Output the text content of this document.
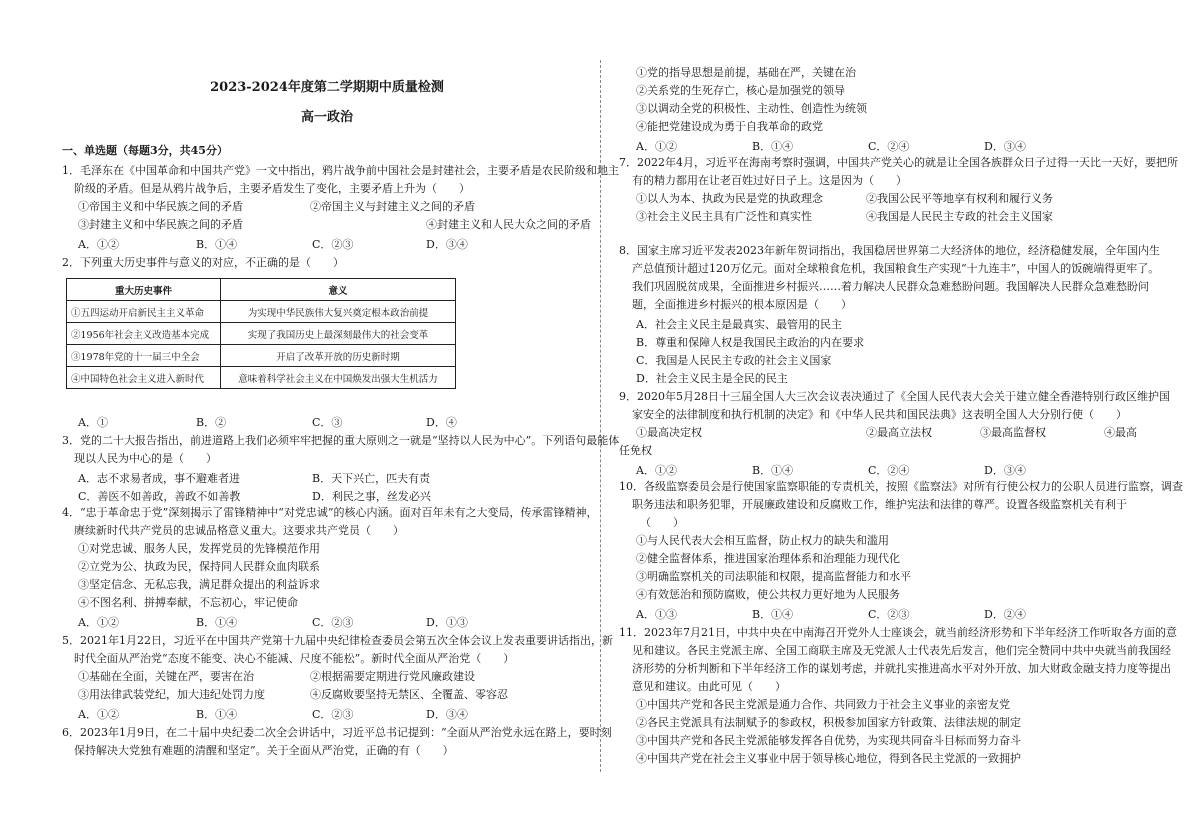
2023-2024年度第二学期期中质量检测
高一政治
一、单选题（每题3分，共45分）
1．毛泽东在《中国革命和中国共产党》一文中指出，鸦片战争前中国社会是封建社会，主要矛盾是农民阶级和地主
阶级的矛盾。但是从鸦片战争后，主要矛盾发生了变化，主要矛盾上升为（　　）
①帝国主义和中华民族之间的矛盾	②帝国主义与封建主义之间的矛盾
③封建主义和中华民族之间的矛盾	④封建主义和人民大众之间的矛盾
A．①②	B．①④	C．②③	D．③④
2．下列重大历史事件与意义的对应，不正确的是（　　）
重大历史事件	意义
①五四运动开启新民主主义革命	为实现中华民族伟大复兴奠定根本政治前提
②1956年社会主义改造基本完成	实现了我国历史上最深刻最伟大的社会变革
③1978年党的十一届三中全会	开启了改革开放的历史新时期
④中国特色社会主义进入新时代	意味着科学社会主义在中国焕发出强大生机活力
A．①	B．②	C．③	D．④
3．党的二十大报告指出，前进道路上我们必须牢牢把握的重大原则之一就是“坚持以人民为中心”。下列语句最能体
现以人民为中心的是（　　）
A．志不求易者成，事不避难者进	B．天下兴亡，匹夫有责
C．善医不如善政，善政不如善教	D．利民之事，丝发必兴
4．“忠于革命忠于党”深刻揭示了雷锋精神中“对党忠诚”的核心内涵。面对百年未有之大变局，传承雷锋精神，
赓续新时代共产党员的忠诚品格意义重大。这要求共产党员（　　）
①对党忠诚、服务人民，发挥党员的先锋模范作用
②立党为公、执政为民，保持同人民群众血肉联系
③坚定信念、无私忘我，满足群众提出的利益诉求
④不图名利、拼搏奉献，不忘初心，牢记使命
A．①②	B．①④	C．②③	D．①③
5．2021年1月22日，习近平在中国共产党第十九届中央纪律检查委员会第五次全体会议上发表重要讲话指出，新
时代全面从严治党“态度不能变、决心不能减、尺度不能松”。新时代全面从严治党（　　）
①基础在全面，关键在严，要害在治	②根据需要定期进行党风廉政建设
③用法律武装党纪，加大违纪处罚力度	④反腐败要坚持无禁区、全覆盖、零容忍
A．①②	B．①④	C．②③	D．③④
6．2023年1月9日，在二十届中央纪委二次全会讲话中，习近平总书记提到：“全面从严治党永远在路上，要时刻
保持解决大党独有难题的清醒和坚定”。关于全面从严治党，正确的有（　　）
①党的指导思想是前提，基础在严，关键在治
②关系党的生死存亡，核心是加强党的领导
③以调动全党的积极性、主动性、创造性为统领
④能把党建设成为勇于自我革命的政党
A．①②	B．①④	C．②④	D．③④
7．2022年4月，习近平在海南考察时强调，中国共产党关心的就是让全国各族群众日子过得一天比一天好，要把所
有的精力都用在让老百姓过好日子上。这是因为（　　）
①以人为本、执政为民是党的执政理念	②我国公民平等地享有权利和履行义务
③社会主义民主具有广泛性和真实性	④我国是人民民主专政的社会主义国家
8．国家主席习近平发表2023年新年贺词指出，我国稳居世界第二大经济体的地位，经济稳健发展，全年国内生
产总值预计超过120万亿元。面对全球粮食危机，我国粮食生产实现“十九连丰”，中国人的饭碗端得更牢了。
我们巩固脱贫成果，全面推进乡村振兴……着力解决人民群众急难愁盼问题。我国解决人民群众急难愁盼问
题，全面推进乡村振兴的根本原因是（　　）
A．社会主义民主是最真实、最管用的民主
B．尊重和保障人权是我国民主政治的内在要求
C．我国是人民民主专政的社会主义国家
D．社会主义民主是全民的民主
9．2020年5月28日十三届全国人大三次会议表决通过了《全国人民代表大会关于建立健全香港特别行政区维护国
家安全的法律制度和执行机制的决定》和《中华人民共和国民法典》这表明全国人大分别行使（　　）
①最高决定权	②最高立法权	③最高监督权	④最高
任免权
A．①②	B．①④	C．②④	D．③④
10．各级监察委员会是行使国家监察职能的专责机关，按照《监察法》对所有行使公权力的公职人员进行监察，调查
职务违法和职务犯罪，开展廉政建设和反腐败工作，维护宪法和法律的尊严。设置各级监察机关有利于
（　　）
①与人民代表大会相互监督，防止权力的缺失和滥用
②健全监督体系，推进国家治理体系和治理能力现代化
③明确监察机关的司法职能和权限，提高监督能力和水平
④有效惩治和预防腐败，使公共权力更好地为人民服务
A．①③	B．①④	C．②③	D．②④
11．2023年7月21日，中共中央在中南海召开党外人士座谈会，就当前经济形势和下半年经济工作听取各方面的意
见和建议。各民主党派主席、全国工商联主席及无党派人士代表先后发言，他们完全赞同中共中央就当前我国经
济形势的分析判断和下半年经济工作的谋划考虑，并就扎实推进高水平对外开放、加大财政金融支持力度等提出
意见和建议。由此可见（　　）
①中国共产党和各民主党派是通力合作、共同致力于社会主义事业的亲密友党
②各民主党派具有法制赋予的参政权，积极参加国家方针政策、法律法规的制定
③中国共产党和各民主党派能够发挥各自优势，为实现共同奋斗目标而努力奋斗
④中国共产党在社会主义事业中居于领导核心地位，得到各民主党派的一致拥护
